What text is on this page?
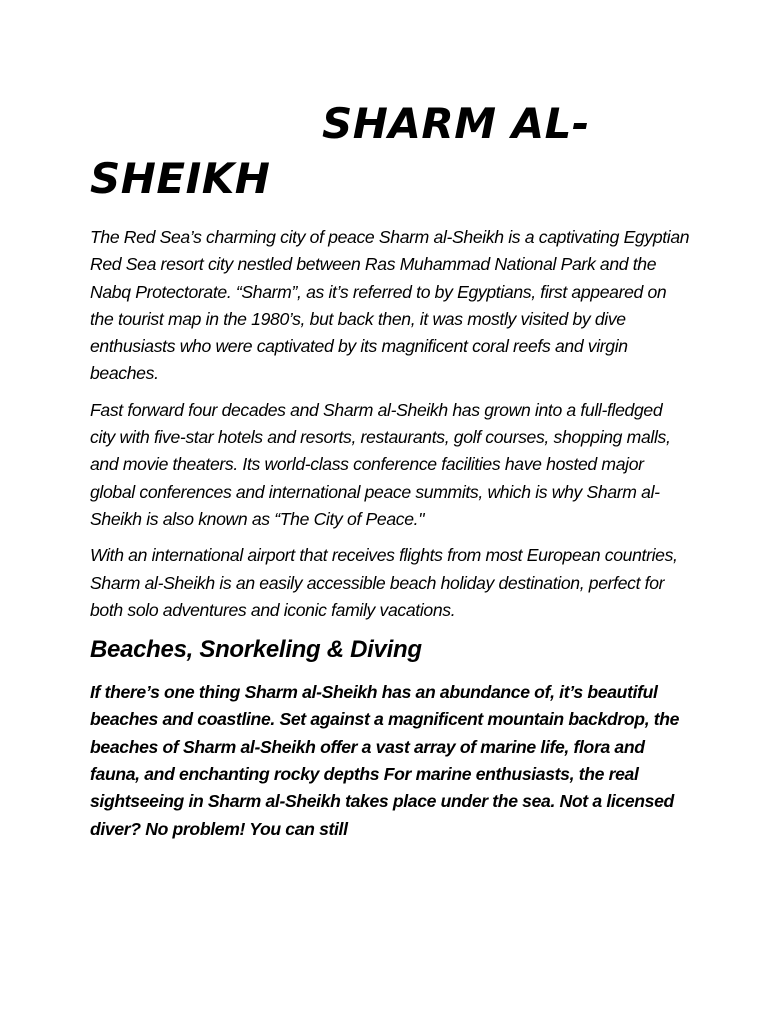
SHARM AL-SHEIKH

The Red Sea’s charming city of peace Sharm al-Sheikh is a captivating Egyptian Red Sea resort city nestled between Ras Muhammad National Park and the Nabq Protectorate. “Sharm”, as it’s referred to by Egyptians, first appeared on the tourist map in the 1980’s, but back then, it was mostly visited by dive enthusiasts who were captivated by its magnificent coral reefs and virgin beaches.

Fast forward four decades and Sharm al-Sheikh has grown into a full-fledged city with five-star hotels and resorts, restaurants, golf courses, shopping malls, and movie theaters. Its world-class conference facilities have hosted major global conferences and international peace summits, which is why Sharm al-Sheikh is also known as “The City of Peace."

With an international airport that receives flights from most European countries, Sharm al-Sheikh is an easily accessible beach holiday destination, perfect for both solo adventures and iconic family vacations.

Beaches, Snorkeling & Diving

If there’s one thing Sharm al-Sheikh has an abundance of, it’s beautiful beaches and coastline. Set against a magnificent mountain backdrop, the beaches of Sharm al-Sheikh offer a vast array of marine life, flora and fauna, and enchanting rocky depths For marine enthusiasts, the real sightseeing in Sharm al-Sheikh takes place under the sea. Not a licensed diver? No problem! You can still
